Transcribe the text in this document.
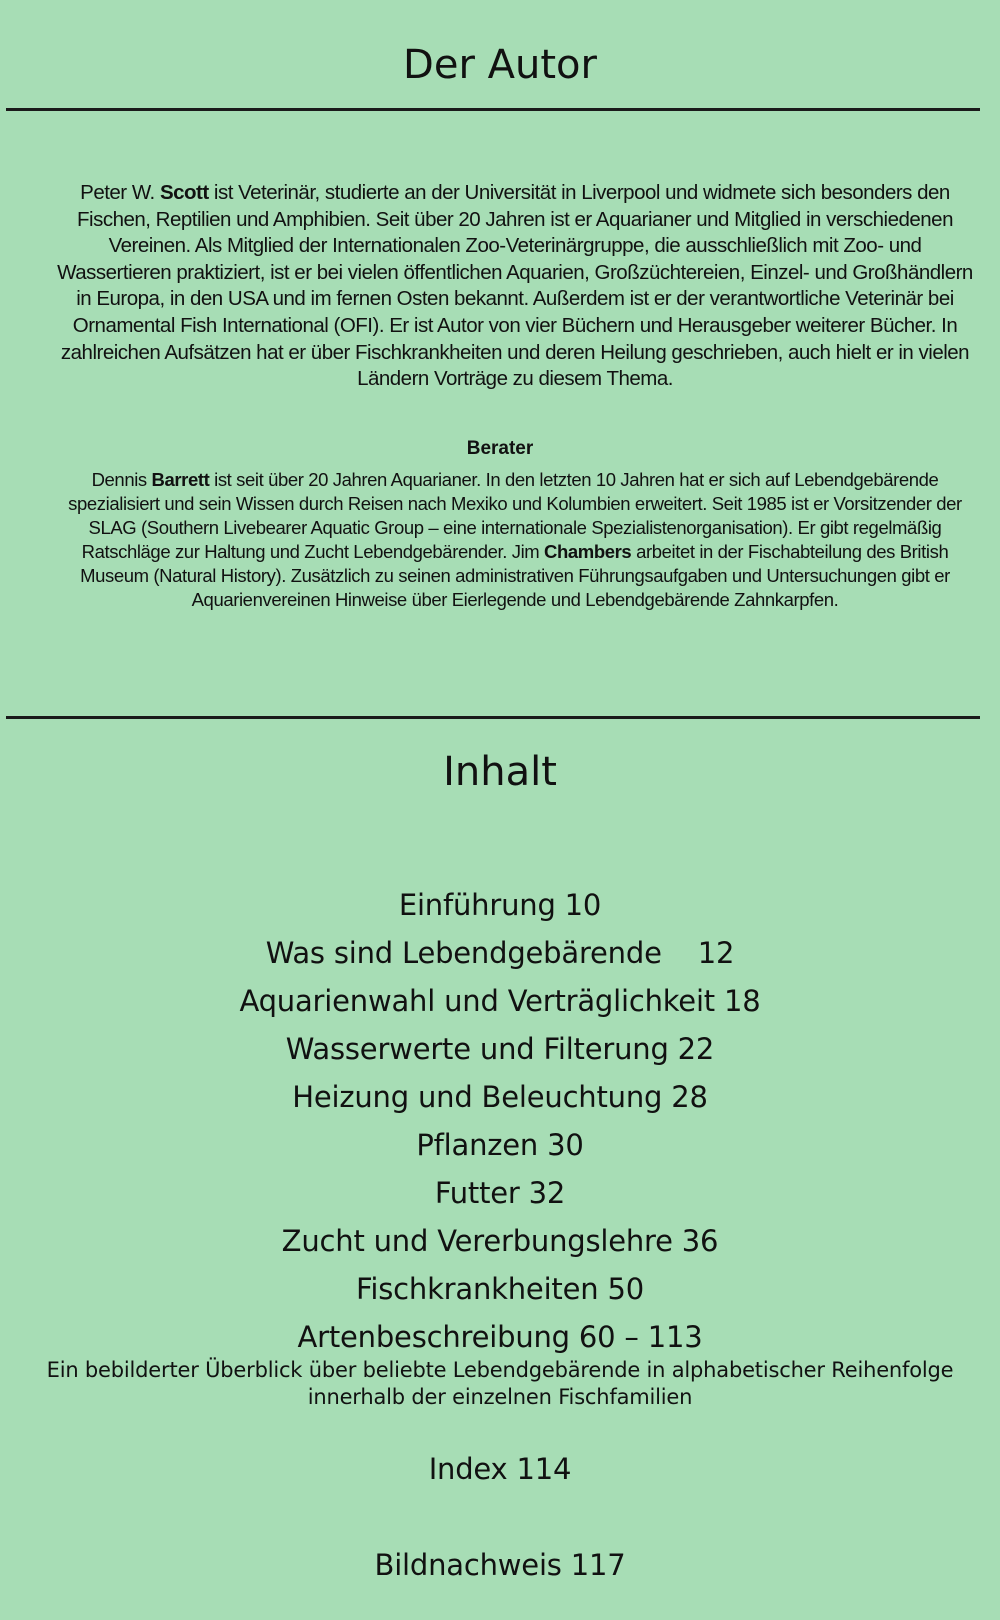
Der Autor
Peter W. Scott ist Veterinär, studierte an der Universität in Liverpool und widmete sich besonders den Fischen, Reptilien und Amphibien. Seit über 20 Jahren ist er Aquarianer und Mitglied in verschiedenen Vereinen. Als Mitglied der Internationalen Zoo-Veterinärgruppe, die ausschließlich mit Zoo- und Wassertieren praktiziert, ist er bei vielen öffentlichen Aquarien, Großzüchtereien, Einzel- und Großhändlern in Europa, in den USA und im fernen Osten bekannt. Außerdem ist er der verantwortliche Veterinär bei Ornamental Fish International (OFI). Er ist Autor von vier Büchern und Herausgeber weiterer Bücher. In zahlreichen Aufsätzen hat er über Fischkrankheiten und deren Heilung geschrieben, auch hielt er in vielen Ländern Vorträge zu diesem Thema.
Berater
Dennis Barrett ist seit über 20 Jahren Aquarianer. In den letzten 10 Jahren hat er sich auf Lebendgebärende spezialisiert und sein Wissen durch Reisen nach Mexiko und Kolumbien erweitert. Seit 1985 ist er Vorsitzender der SLAG (Southern Livebearer Aquatic Group – eine internationale Spezialistenorganisation). Er gibt regelmäßig Ratschläge zur Haltung und Zucht Lebendgebärender. Jim Chambers arbeitet in der Fischabteilung des British Museum (Natural History). Zusätzlich zu seinen administrativen Führungsaufgaben und Untersuchungen gibt er Aquarienvereinen Hinweise über Eierlegende und Lebendgebärende Zahnkarpfen.
Inhalt
Einführung 10
Was sind Lebendgebärende    12
Aquarienwahl und Verträglichkeit 18
Wasserwerte und Filterung 22
Heizung und Beleuchtung 28
Pflanzen 30
Futter 32
Zucht und Vererbungslehre 36
Fischkrankheiten 50
Artenbeschreibung 60 – 113
Ein bebilderter Überblick über beliebte Lebendgebärende in alphabetischer Reihenfolge innerhalb der einzelnen Fischfamilien
Index 114
Bildnachweis 117
